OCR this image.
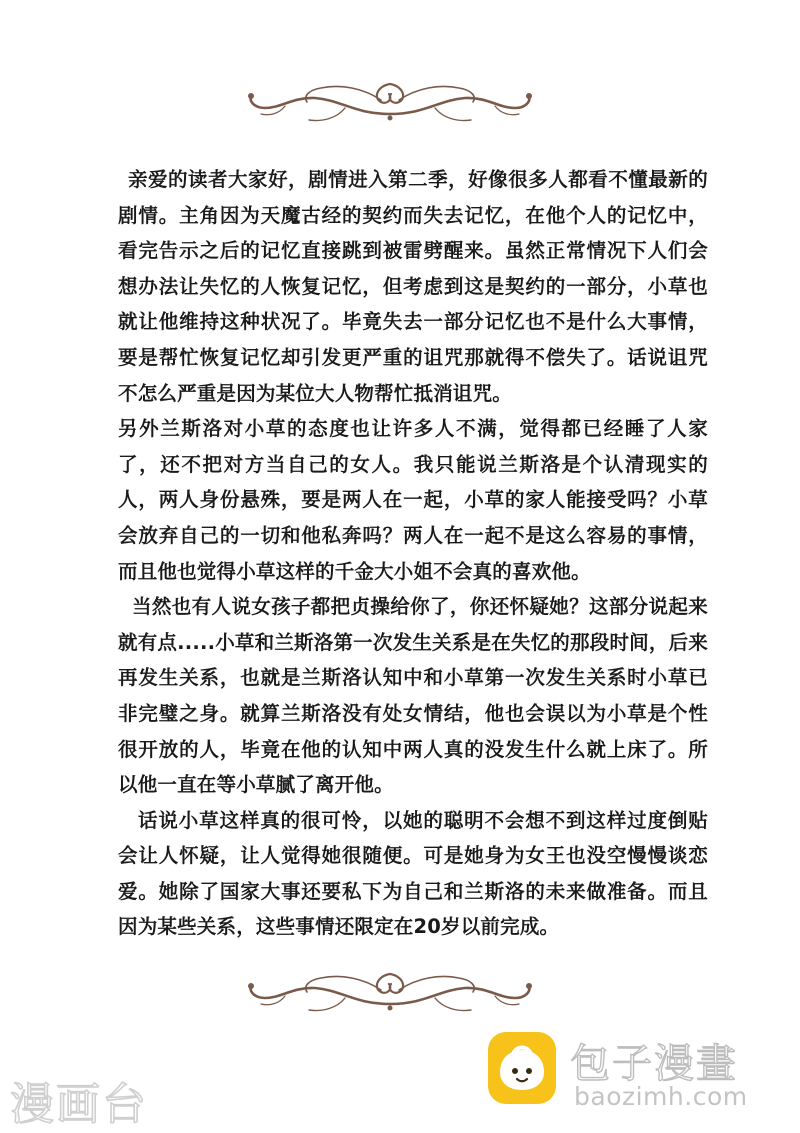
亲爱的读者大家好，剧情进入第二季，好像很多人都看不懂最新的剧情。主角因为天魔古经的契约而失去记忆，在他个人的记忆中，看完告示之后的记忆直接跳到被雷劈醒来。虽然正常情况下人们会想办法让失忆的人恢复记忆，但考虑到这是契约的一部分，小草也就让他维持这种状况了。毕竟失去一部分记忆也不是什么大事情，要是帮忙恢复记忆却引发更严重的诅咒那就得不偿失了。话说诅咒不怎么严重是因为某位大人物帮忙抵消诅咒。

另外兰斯洛对小草的态度也让许多人不满，觉得都已经睡了人家了，还不把对方当自己的女人。我只能说兰斯洛是个认清现实的人，两人身份悬殊，要是两人在一起，小草的家人能接受吗？小草会放弃自己的一切和他私奔吗？两人在一起不是这么容易的事情，而且他也觉得小草这样的千金大小姐不会真的喜欢他。

当然也有人说女孩子都把贞操给你了，你还怀疑她？这部分说起来就有点.....小草和兰斯洛第一次发生关系是在失忆的那段时间，后来再发生关系，也就是兰斯洛认知中和小草第一次发生关系时小草已非完璧之身。就算兰斯洛没有处女情结，他也会误以为小草是个性很开放的人，毕竟在他的认知中两人真的没发生什么就上床了。所以他一直在等小草腻了离开他。

话说小草这样真的很可怜，以她的聪明不会想不到这样过度倒贴会让人怀疑，让人觉得她很随便。可是她身为女王也没空慢慢谈恋爱。她除了国家大事还要私下为自己和兰斯洛的未来做准备。而且因为某些关系，这些事情还限定在20岁以前完成。

漫画台
包子漫畫
baozimh.com
